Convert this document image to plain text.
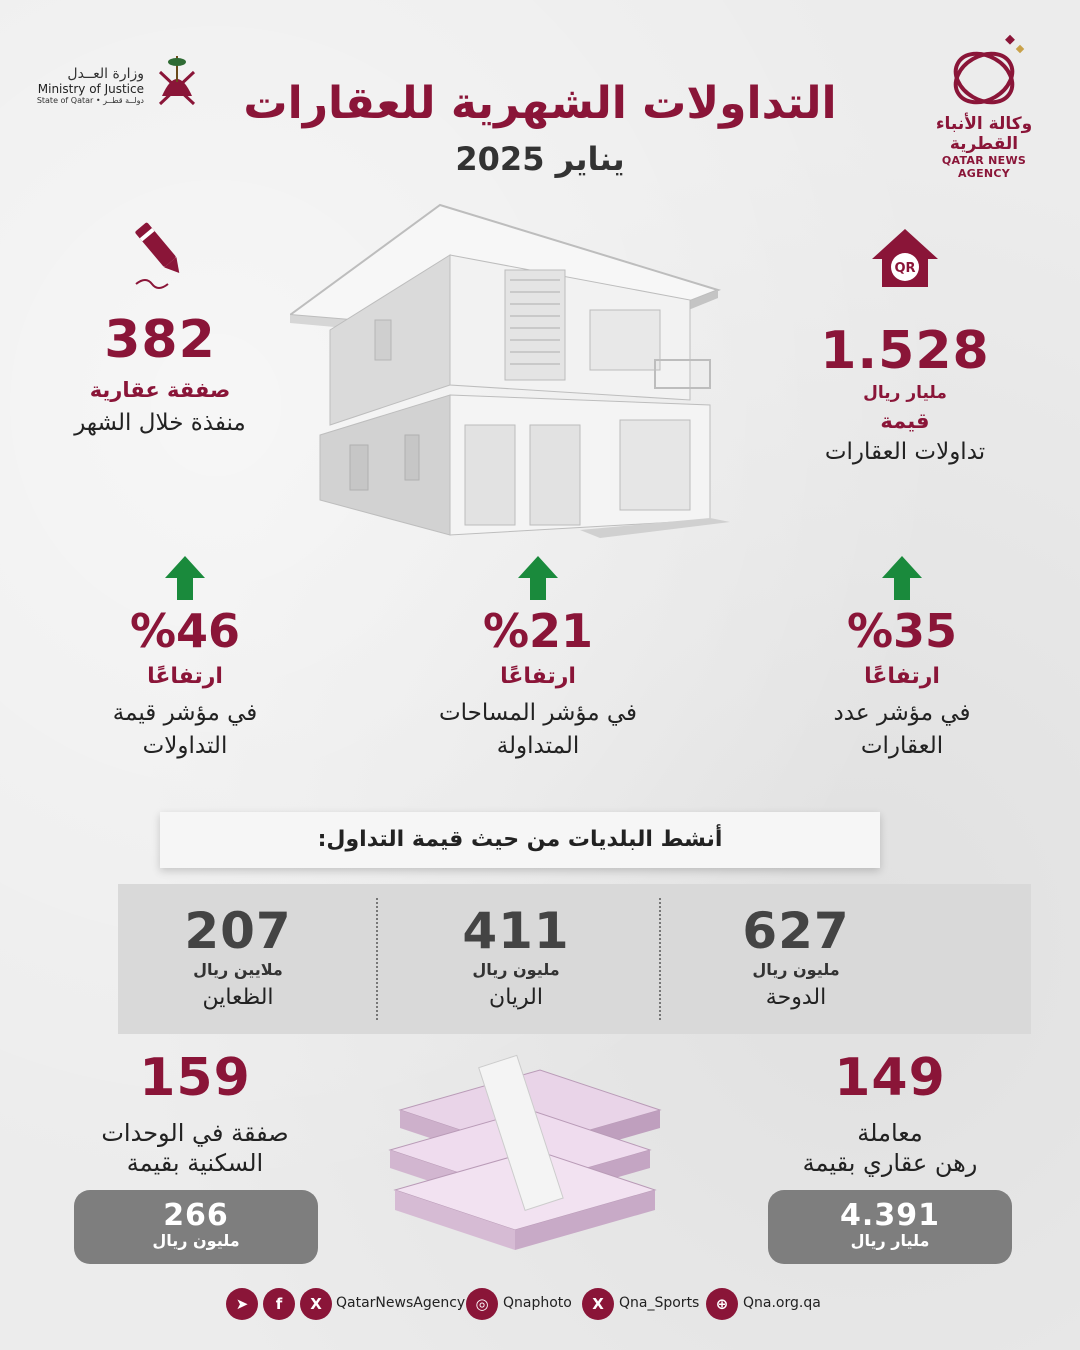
وكالة الأنباء القطرية
QATAR NEWS AGENCY
وزارة العــدل
Ministry of Justice
State of Qatar • دولــة قطــر	التداولات الشهرية للعقارات
يناير 2025
382
صفقة عقارية
منفذة خلال الشهر
QR
1.528
مليار ريال
قيمة
تداولات العقارات
%35
ارتفاعًا
في مؤشر عدد
العقارات
%21
ارتفاعًا
في مؤشر المساحات
المتداولة
%46
ارتفاعًا
في مؤشر قيمة
التداولات
أنشط البلديات من حيث قيمة التداول:
627
مليون ريال
الدوحة
411
مليون ريال
الريان
207
ملايين ريال
الظعاين
149
معاملة
رهن عقاري بقيمة
4.391
مليار ريال
159
صفقة في الوحدات
السكنية بقيمة
266
مليون ريال
➤	f	X	QatarNewsAgency ◎	Qnaphoto	X	Qna_Sports	⊕	Qna.org.qa
